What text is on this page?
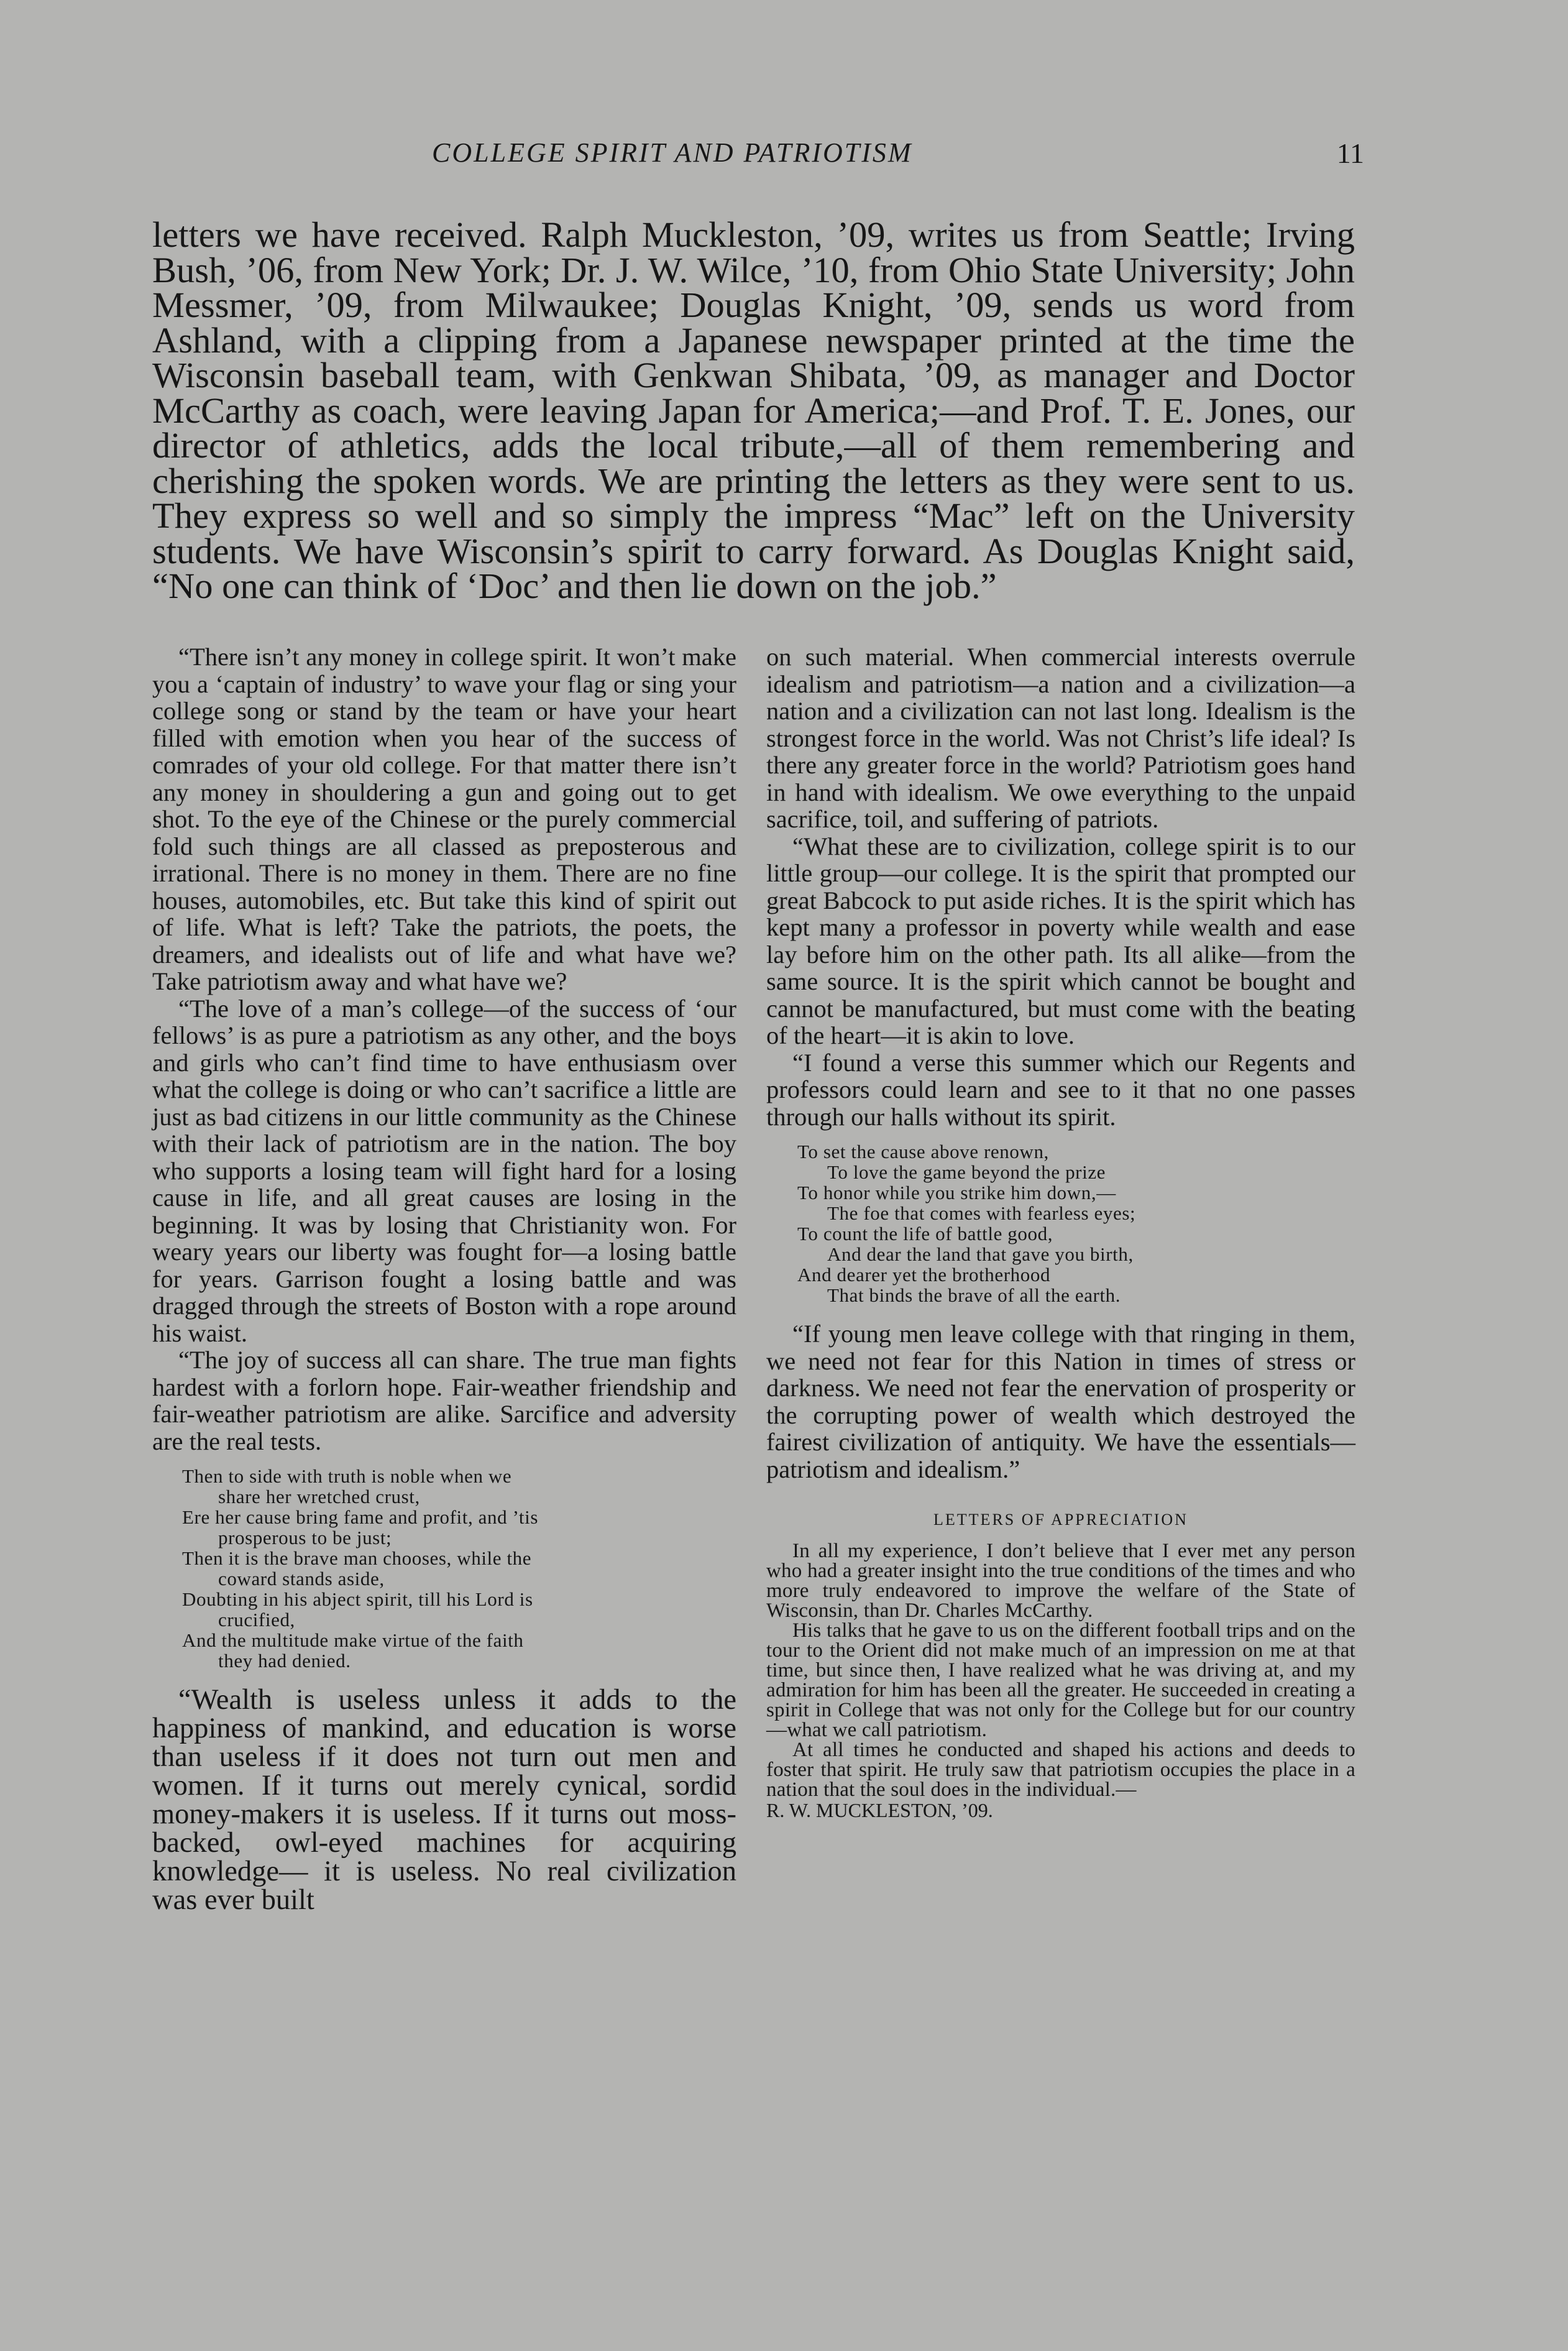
COLLEGE SPIRIT AND PATRIOTISM	11
letters we have received. Ralph Muckleston, ’09, writes us from Seattle; Irving Bush, ’06, from New York; Dr. J. W. Wilce, ’10, from Ohio State University; John Messmer, ’09, from Milwaukee; Douglas Knight, ’09, sends us word from Ashland, with a clipping from a Japanese newspaper printed at the time the Wisconsin baseball team, with Genkwan Shibata, ’09, as manager and Doctor McCarthy as coach, were leaving Japan for America;—and Prof. T. E. Jones, our director of athletics, adds the local tribute,—all of them remembering and cherishing the spoken words. We are printing the letters as they were sent to us. They express so well and so simply the impress “Mac” left on the University students. We have Wisconsin’s spirit to carry forward. As Douglas Knight said, “No one can think of ‘Doc’ and then lie down on the job.”

“There isn’t any money in college spirit. It won’t make you a ‘captain of industry’ to wave your flag or sing your college song or stand by the team or have your heart filled with emotion when you hear of the success of comrades of your old college. For that matter there isn’t any money in shouldering a gun and going out to get shot. To the eye of the Chinese or the purely commercial fold such things are all classed as preposterous and irrational. There is no money in them. There are no fine houses, automobiles, etc. But take this kind of spirit out of life. What is left? Take the patriots, the poets, the dreamers, and idealists out of life and what have we? Take patriotism away and what have we?

“The love of a man’s college—of the success of ‘our fellows’ is as pure a patriotism as any other, and the boys and girls who can’t find time to have enthusiasm over what the college is doing or who can’t sacrifice a little are just as bad citizens in our little community as the Chinese with their lack of patriotism are in the nation. The boy who supports a losing team will fight hard for a losing cause in life, and all great causes are losing in the beginning. It was by losing that Christianity won. For weary years our liberty was fought for—a losing battle for years. Garrison fought a losing battle and was dragged through the streets of Boston with a rope around his waist.

“The joy of success all can share. The true man fights hardest with a forlorn hope. Fair-weather friendship and fair-weather patriotism are alike. Sarcifice and adversity are the real tests.

Then to side with truth is noble when we
share her wretched crust,
Ere her cause bring fame and profit, and ’tis
prosperous to be just;
Then it is the brave man chooses, while the
coward stands aside,
Doubting in his abject spirit, till his Lord is
crucified,
And the multitude make virtue of the faith
they had denied.

“Wealth is useless unless it adds to the happiness of mankind, and education is worse than useless if it does not turn out men and women. If it turns out merely cynical, sordid money-makers it is useless. If it turns out moss-backed, owl-eyed machines for acquiring knowledge— it is useless. No real civilization was ever built

on such material. When commercial interests overrule idealism and patriotism—a nation and a civilization—a nation and a civilization can not last long. Idealism is the strongest force in the world. Was not Christ’s life ideal? Is there any greater force in the world? Patriotism goes hand in hand with idealism. We owe everything to the unpaid sacrifice, toil, and suffering of patriots.

“What these are to civilization, college spirit is to our little group—our college. It is the spirit that prompted our great Babcock to put aside riches. It is the spirit which has kept many a professor in poverty while wealth and ease lay before him on the other path. Its all alike—from the same source. It is the spirit which cannot be bought and cannot be manufactured, but must come with the beating of the heart—it is akin to love.

“I found a verse this summer which our Regents and professors could learn and see to it that no one passes through our halls without its spirit.

To set the cause above renown,
To love the game beyond the prize
To honor while you strike him down,—
The foe that comes with fearless eyes;
To count the life of battle good,
And dear the land that gave you birth,
And dearer yet the brotherhood
That binds the brave of all the earth.

“If young men leave college with that ringing in them, we need not fear for this Nation in times of stress or darkness. We need not fear the enervation of prosperity or the corrupting power of wealth which destroyed the fairest civilization of antiquity. We have the essentials—patriotism and idealism.”

LETTERS OF APPRECIATION

In all my experience, I don’t believe that I ever met any person who had a greater insight into the true conditions of the times and who more truly endeavored to improve the welfare of the State of Wisconsin, than Dr. Charles McCarthy.

His talks that he gave to us on the different football trips and on the tour to the Orient did not make much of an impression on me at that time, but since then, I have realized what he was driving at, and my admiration for him has been all the greater. He succeeded in creating a spirit in College that was not only for the College but for our country—what we call patriotism.

At all times he conducted and shaped his actions and deeds to foster that spirit. He truly saw that patriotism occupies the place in a nation that the soul does in the individual.—

R. W. MUCKLESTON, ’09.
